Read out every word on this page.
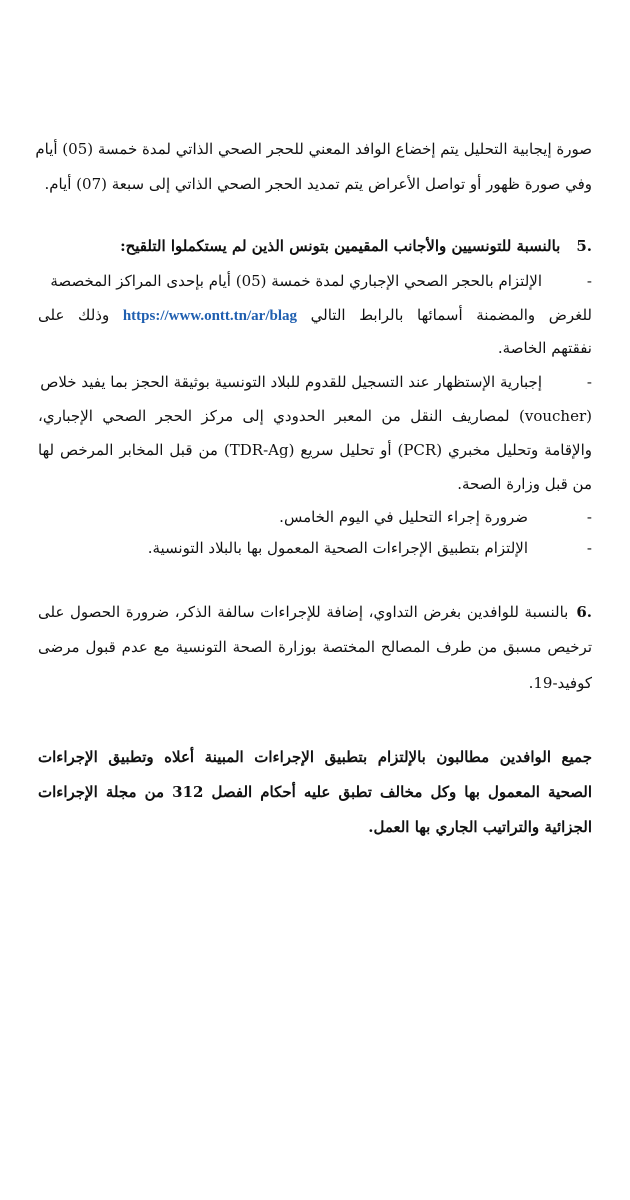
صورة إيجابية التحليل يتم إخضاع الوافد المعني للحجر الصحي الذاتي لمدة خمسة (05) أيام
وفي صورة ظهور أو تواصل الأعراض يتم تمديد الحجر الصحي الذاتي إلى سبعة (07) أيام.
.5بالنسبة للتونسيين والأجانب المقيمين بتونس الذين لم يستكملوا التلقيح:
-الإلتزام بالحجر الصحي الإجباري لمدة خمسة (05) أيام بإحدى المراكز المخصصة
للغرض والمضمنة أسمائها بالرابط التالي https://www.ontt.tn/ar/blag وذلك على
نفقتهم الخاصة.
-إجبارية الإستظهار عند التسجيل للقدوم للبلاد التونسية بوثيقة الحجز بما يفيد خلاص
(voucher) لمصاريف النقل من المعبر الحدودي إلى مركز الحجر الصحي الإجباري،
والإقامة وتحليل مخبري (PCR) أو تحليل سريع (TDR-Ag) من قبل المخابر المرخص لها
من قبل وزارة الصحة.
-ضرورة إجراء التحليل في اليوم الخامس.
-الإلتزام بتطبيق الإجراءات الصحية المعمول بها بالبلاد التونسية.
.6بالنسبة للوافدين بغرض التداوي، إضافة للإجراءات سالفة الذكر، ضرورة الحصول على
ترخيص مسبق من طرف المصالح المختصة بوزارة الصحة التونسية مع عدم قبول مرضى
كوفيد-19.
جميع الوافدين مطالبون بالإلتزام بتطبيق الإجراءات المبينة أعلاه وتطبيق الإجراءات
الصحية المعمول بها وكل مخالف تطبق عليه أحكام الفصل 312 من مجلة الإجراءات
الجزائية والتراتيب الجاري بها العمل.
